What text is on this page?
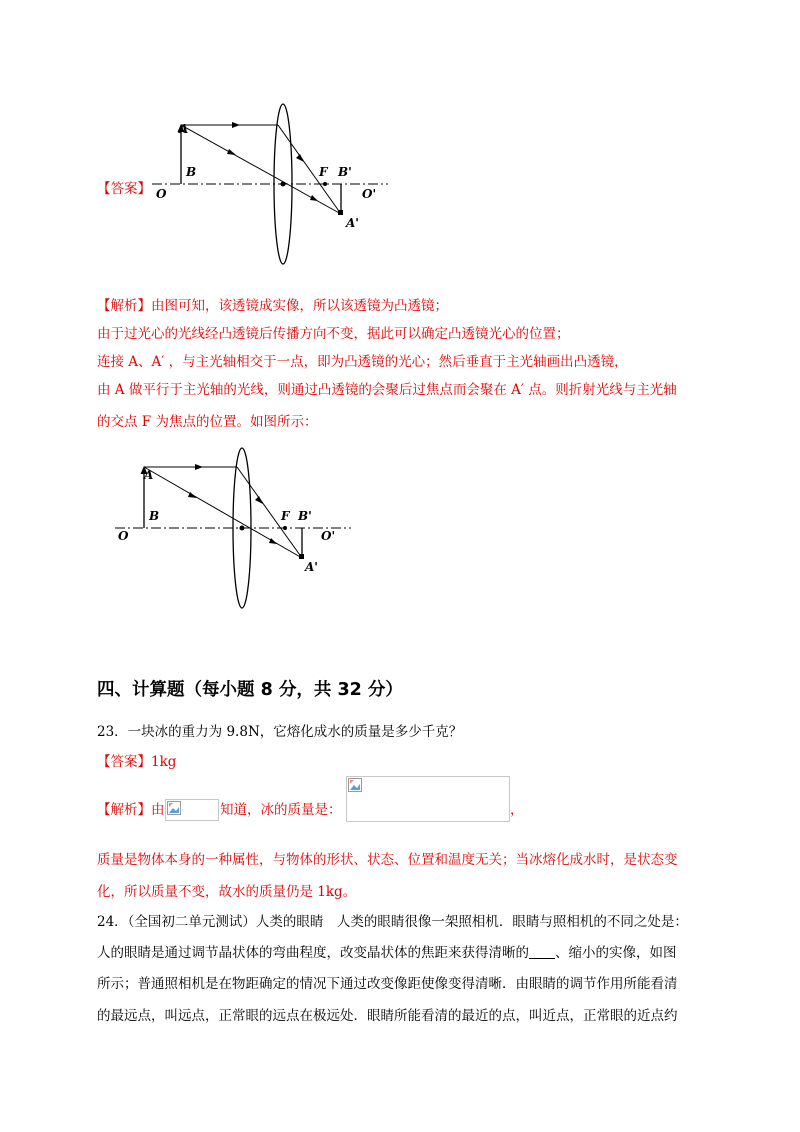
【答案】
A
B
O
F B'
O'
A'
【解析】由图可知，该透镜成实像，所以该透镜为凸透镜；
由于过光心的光线经凸透镜后传播方向不变，据此可以确定凸透镜光心的位置；
连接 A、A′ ，与主光轴相交于一点，即为凸透镜的光心；然后垂直于主光轴画出凸透镜，
由 A 做平行于主光轴的光线，则通过凸透镜的会聚后过焦点而会聚在 A′ 点。则折射光线与主光轴
的交点 F 为焦点的位置。如图所示：
A
B
O
F B'
O'
A'
四、计算题（每小题 8 分，共 32 分）
23．一块冰的重力为 9.8N，它熔化成水的质量是多少千克？
【答案】1kg
【解析】由	知道，冰的质量是：	，
质量是物体本身的一种属性，与物体的形状、状态、位置和温度无关；当冰熔化成水时，是状态变
化，所以质量不变，故水的质量仍是 1kg。
24．（全国初二单元测试）人类的眼睛　人类的眼睛很像一架照相机．眼睛与照相机的不同之处是：
人的眼睛是通过调节晶状体的弯曲程度，改变晶状体的焦距来获得清晰的 、缩小的实像，如图
所示；普通照相机是在物距确定的情况下通过改变像距使像变得清晰．由眼睛的调节作用所能看清
的最远点，叫远点，正常眼的远点在极远处．眼睛所能看清的最近的点，叫近点，正常眼的近点约
